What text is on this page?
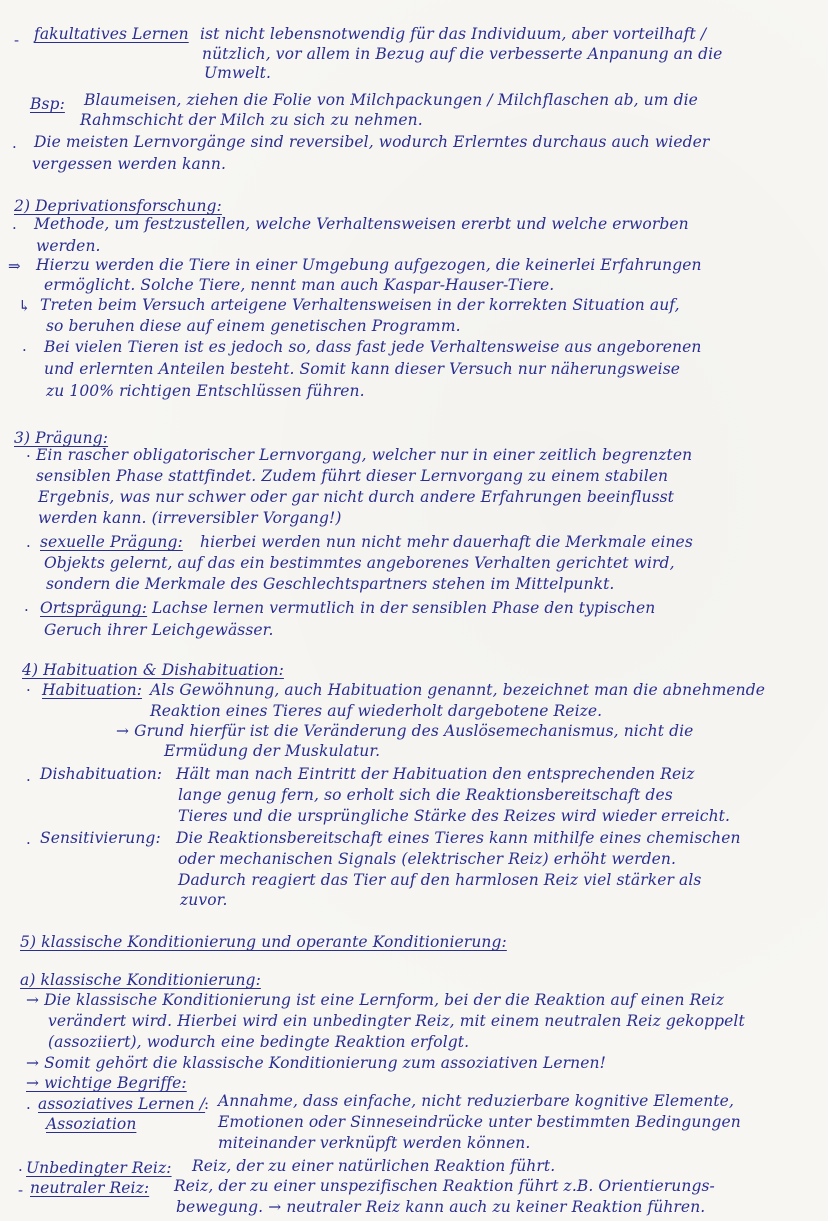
- fakultatives Lernen ist nicht lebensnotwendig für das Individuum, aber vorteilhaft /
nützlich, vor allem in Bezug auf die verbesserte Anpanung an die
Umwelt.
Bsp: Blaumeisen, ziehen die Folie von Milchpackungen / Milchflaschen ab, um die
Rahmschicht der Milch zu sich zu nehmen.
· Die meisten Lernvorgänge sind reversibel, wodurch Erlerntes durchaus auch wieder
vergessen werden kann.
2) Deprivationsforschung:
· Methode, um festzustellen, welche Verhaltensweisen ererbt und welche erworben
werden.
⇒ Hierzu werden die Tiere in einer Umgebung aufgezogen, die keinerlei Erfahrungen
ermöglicht. Solche Tiere, nennt man auch Kaspar-Hauser-Tiere.
↳ Treten beim Versuch arteigene Verhaltensweisen in der korrekten Situation auf,
so beruhen diese auf einem genetischen Programm.
· Bei vielen Tieren ist es jedoch so, dass fast jede Verhaltensweise aus angeborenen
und erlernten Anteilen besteht. Somit kann dieser Versuch nur näherungsweise
zu 100% richtigen Entschlüssen führen.
3) Prägung:
· Ein rascher obligatorischer Lernvorgang, welcher nur in einer zeitlich begrenzten
sensiblen Phase stattfindet. Zudem führt dieser Lernvorgang zu einem stabilen
Ergebnis, was nur schwer oder gar nicht durch andere Erfahrungen beeinflusst
werden kann. (irreversibler Vorgang!)
· sexuelle Prägung: hierbei werden nun nicht mehr dauerhaft die Merkmale eines
Objekts gelernt, auf das ein bestimmtes angeborenes Verhalten gerichtet wird,
sondern die Merkmale des Geschlechtspartners stehen im Mittelpunkt.
· Ortsprägung: Lachse lernen vermutlich in der sensiblen Phase den typischen
Geruch ihrer Leichgewässer.
4) Habituation & Dishabituation:
· Habituation: Als Gewöhnung, auch Habituation genannt, bezeichnet man die abnehmende
Reaktion eines Tieres auf wiederholt dargebotene Reize.
→ Grund hierfür ist die Veränderung des Auslösemechanismus, nicht die
Ermüdung der Muskulatur.
· Dishabituation: Hält man nach Eintritt der Habituation den entsprechenden Reiz
lange genug fern, so erholt sich die Reaktionsbereitschaft des
Tieres und die ursprüngliche Stärke des Reizes wird wieder erreicht.
· Sensitivierung: Die Reaktionsbereitschaft eines Tieres kann mithilfe eines chemischen
oder mechanischen Signals (elektrischer Reiz) erhöht werden.
Dadurch reagiert das Tier auf den harmlosen Reiz viel stärker als
zuvor.
5) klassische Konditionierung und operante Konditionierung:
a) klassische Konditionierung:
→ Die klassische Konditionierung ist eine Lernform, bei der die Reaktion auf einen Reiz
verändert wird. Hierbei wird ein unbedingter Reiz, mit einem neutralen Reiz gekoppelt
(assoziiert), wodurch eine bedingte Reaktion erfolgt.
→ Somit gehört die klassische Konditionierung zum assoziativen Lernen!
→ wichtige Begriffe:
· assoziatives Lernen /
Assoziation
: Annahme, dass einfache, nicht reduzierbare kognitive Elemente,
Emotionen oder Sinneseindrücke unter bestimmten Bedingungen
miteinander verknüpft werden können.
· Unbedingter Reiz: Reiz, der zu einer natürlichen Reaktion führt.
- neutraler Reiz: Reiz, der zu einer unspezifischen Reaktion führt z.B. Orientierungs-
bewegung. → neutraler Reiz kann auch zu keiner Reaktion führen.
